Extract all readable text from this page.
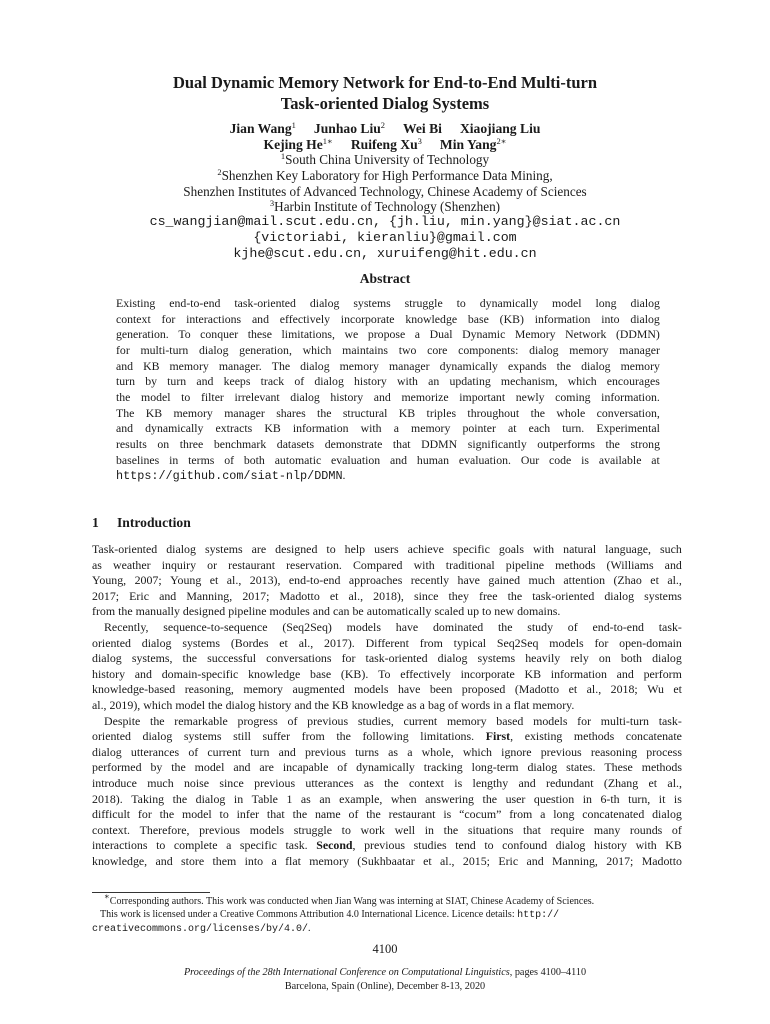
Dual Dynamic Memory Network for End-to-End Multi-turn
Task-oriented Dialog Systems
Jian Wang$^1$ Junhao Liu$^2$ Wei Bi Xiaojiang Liu
Kejing $He^{1∗}$ Ruifeng Xu$^3$ Min Yang$^{2∗}$
$^1$South China University of Technology
$^2$Shenzhen Key Laboratory for High Performance Data Mining,
Shenzhen Institutes of Advanced Technology, Chinese Academy of Sciences
$^3$Harbin Institute of Technology (Shenzhen)
cs_wangjian@mail.scut.edu.cn, {jh.liu, min.yang}@siat.ac.cn
{victoriabi, kieranliu}@gmail.com
kjhe@scut.edu.cn, xuruifeng@hit.edu.cn
Abstract
Existing end-to-end task-oriented dialog systems struggle to dynamically model long dialog
context for interactions and effectively incorporate knowledge base (KB) information into dialog
generation. To conquer these limitations, we propose a Dual Dynamic Memory Network (DDMN)
for multi-turn dialog generation, which maintains two core components: dialog memory manager
and KB memory manager. The dialog memory manager dynamically expands the dialog memory
turn by turn and keeps track of dialog history with an updating mechanism, which encourages
the model to filter irrelevant dialog history and memorize important newly coming information.
The KB memory manager shares the structural KB triples throughout the whole conversation,
and dynamically extracts KB information with a memory pointer at each turn. Experimental
results on three benchmark datasets demonstrate that DDMN significantly outperforms the strong
baselines in terms of both automatic evaluation and human evaluation. Our code is available at
https://github.com/siat-nlp/DDMN.
1 Introduction
Task-oriented dialog systems are designed to help users achieve specific goals with natural language, such
as weather inquiry or restaurant reservation. Compared with traditional pipeline methods (Williams and
Young, 2007; Young et al., 2013), end-to-end approaches recently have gained much attention (Zhao et al.,
2017; Eric and Manning, 2017; Madotto et al., 2018), since they free the task-oriented dialog systems
from the manually designed pipeline modules and can be automatically scaled up to new domains.
Recently, sequence-to-sequence (Seq2Seq) models have dominated the study of end-to-end task-
oriented dialog systems (Bordes et al., 2017). Different from typical Seq2Seq models for open-domain
dialog systems, the successful conversations for task-oriented dialog systems heavily rely on both dialog
history and domain-specific knowledge base (KB). To effectively incorporate KB information and perform
knowledge-based reasoning, memory augmented models have been proposed (Madotto et al., 2018; Wu et
al., 2019), which model the dialog history and the KB knowledge as a bag of words in a flat memory.
Despite the remarkable progress of previous studies, current memory based models for multi-turn task-
oriented dialog systems still suffer from the following limitations. First, existing methods concatenate
dialog utterances of current turn and previous turns as a whole, which ignore previous reasoning process
performed by the model and are incapable of dynamically tracking long-term dialog states. These methods
introduce much noise since previous utterances as the context is lengthy and redundant (Zhang et al.,
2018). Taking the dialog in Table 1 as an example, when answering the user question in 6-th turn, it is
difficult for the model to infer that the name of the restaurant is “cocum” from a long concatenated dialog
context. Therefore, previous models struggle to work well in the situations that require many rounds of
interactions to complete a specific task. Second, previous studies tend to confound dialog history with KB
knowledge, and store them into a flat memory (Sukhbaatar et al., 2015; Eric and Manning, 2017; Madotto
∗Corresponding authors. This work was conducted when Jian Wang was interning at SIAT, Chinese Academy of Sciences.
This work is licensed under a Creative Commons Attribution 4.0 International Licence. Licence details: http://
creativecommons.org/licenses/by/4.0/.
4100
Proceedings of the 28th International Conference on Computational Linguistics, pages 4100–4110
Barcelona, Spain (Online), December 8-13, 2020
